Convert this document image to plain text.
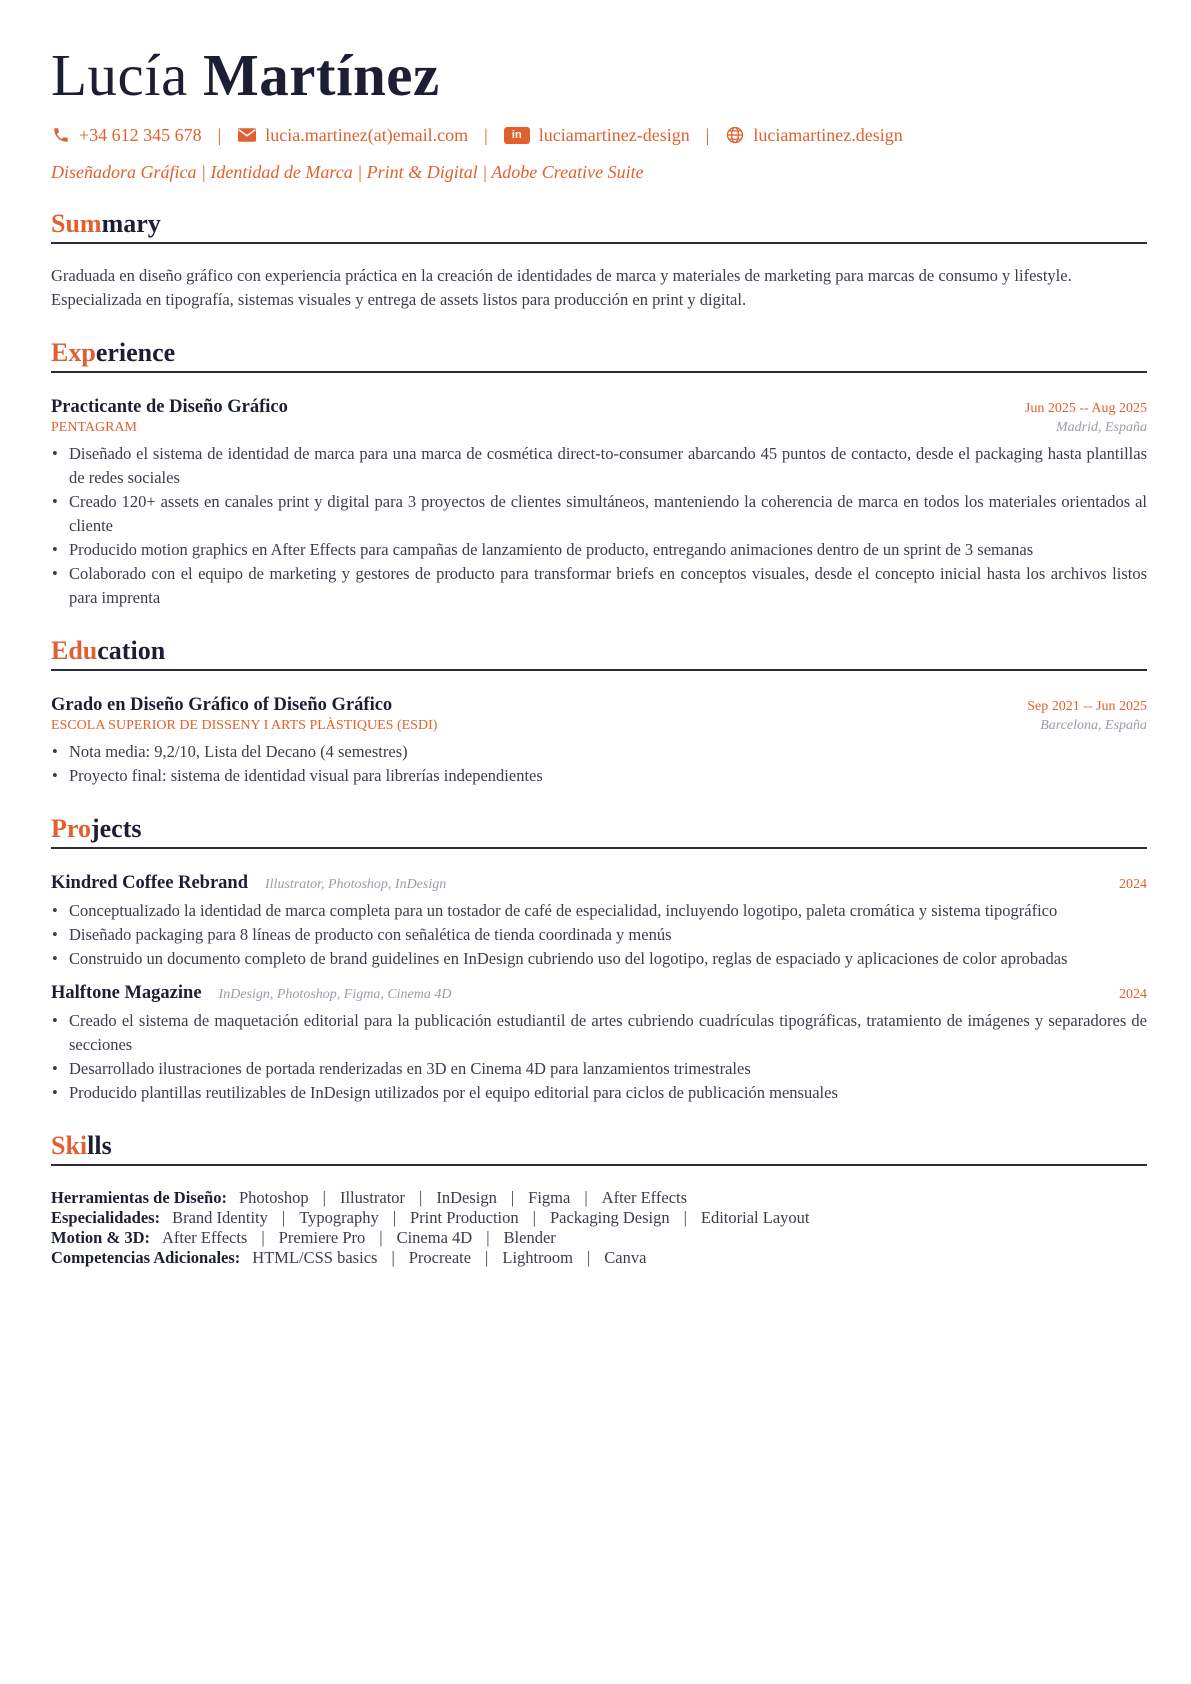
Lucía Martínez
+34 612 345 678 | lucia.martinez(at)email.com |	in luciamartinez-design | luciamartinez.design
Diseñadora Gráfica | Identidad de Marca | Print & Digital | Adobe Creative Suite
Summary

Graduada en diseño gráfico con experiencia práctica en la creación de identidades de marca y materiales de marketing para marcas de consumo y lifestyle. Especializada en tipografía, sistemas visuales y entrega de assets listos para producción en print y digital.

Experience
Practicante de Diseño Gráfico	Jun 2025 -- Aug 2025
PENTAGRAM	Madrid, España
• Diseñado el sistema de identidad de marca para una marca de cosmética direct-to-consumer abarcando 45 puntos de contacto, desde el packaging hasta plantillas de redes sociales
• Creado 120+ assets en canales print y digital para 3 proyectos de clientes simultáneos, manteniendo la coherencia de marca en todos los materiales orientados al cliente
• Producido motion graphics en After Effects para campañas de lanzamiento de producto, entregando animaciones dentro de un sprint de 3 semanas
• Colaborado con el equipo de marketing y gestores de producto para transformar briefs en conceptos visuales, desde el concepto inicial hasta los archivos listos para imprenta
Education
Grado en Diseño Gráfico of Diseño Gráfico	Sep 2021 -- Jun 2025
ESCOLA SUPERIOR DE DISSENY I ARTS PLÀSTIQUES (ESDI)	Barcelona, España
• Nota media: 9,2/10, Lista del Decano (4 semestres)
• Proyecto final: sistema de identidad visual para librerías independientes
Projects
Kindred Coffee Rebrand Illustrator, Photoshop, InDesign	2024
• Conceptualizado la identidad de marca completa para un tostador de café de especialidad, incluyendo logotipo, paleta cromática y sistema tipográfico
• Diseñado packaging para 8 líneas de producto con señalética de tienda coordinada y menús
• Construido un documento completo de brand guidelines en InDesign cubriendo uso del logotipo, reglas de espaciado y aplicaciones de color aprobadas
Halftone Magazine InDesign, Photoshop, Figma, Cinema 4D	2024
• Creado el sistema de maquetación editorial para la publicación estudiantil de artes cubriendo cuadrículas tipográficas, tratamiento de imágenes y separadores de secciones
• Desarrollado ilustraciones de portada renderizadas en 3D en Cinema 4D para lanzamientos trimestrales
• Producido plantillas reutilizables de InDesign utilizados por el equipo editorial para ciclos de publicación mensuales
Skills
Herramientas de Diseño: Photoshop | Illustrator | InDesign | Figma | After Effects
Especialidades: Brand Identity | Typography | Print Production | Packaging Design | Editorial Layout
Motion & 3D: After Effects | Premiere Pro | Cinema 4D | Blender
Competencias Adicionales: HTML/CSS basics | Procreate | Lightroom | Canva
